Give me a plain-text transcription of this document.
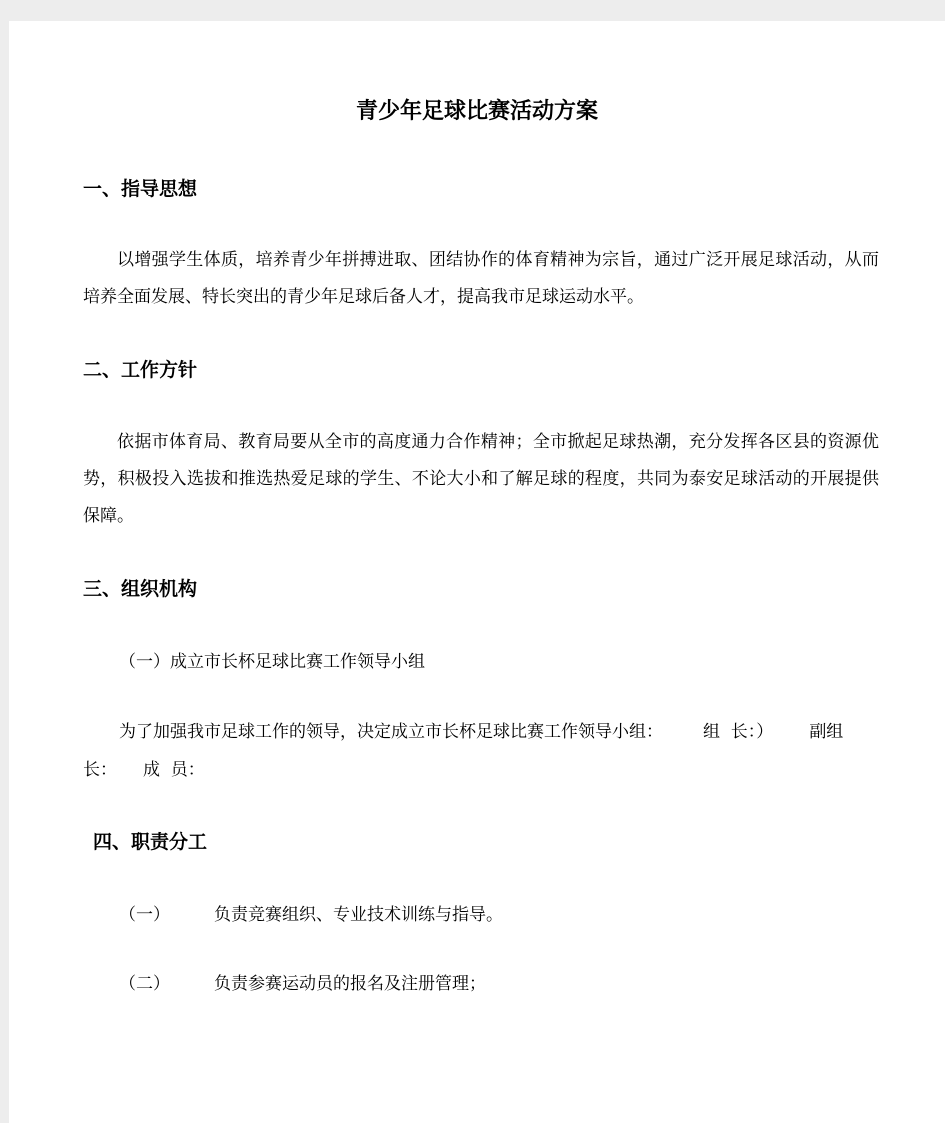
青少年足球比赛活动方案
一、指导思想

以增强学生体质，培养青少年拼搏进取、团结协作的体育精神为宗旨，通过广泛开展足球活动，从而培养全面发展、特长突出的青少年足球后备人才，提高我市足球运动水平。

二、工作方针

依据市体育局、教育局要从全市的高度通力合作精神；全市掀起足球热潮，充分发挥各区县的资源优势，积极投入选拔和推选热爱足球的学生、不论大小和了解足球的程度，共同为泰安足球活动的开展提供保障。

三、组织机构
（一）成立市长杯足球比赛工作领导小组
为了加强我市足球工作的领导，决定成立市长杯足球比赛工作领导小组： 组  长：） 副组
长： 成  员：
四、职责分工
（一）	负责竞赛组织、专业技术训练与指导。
（二）	负责参赛运动员的报名及注册管理；
